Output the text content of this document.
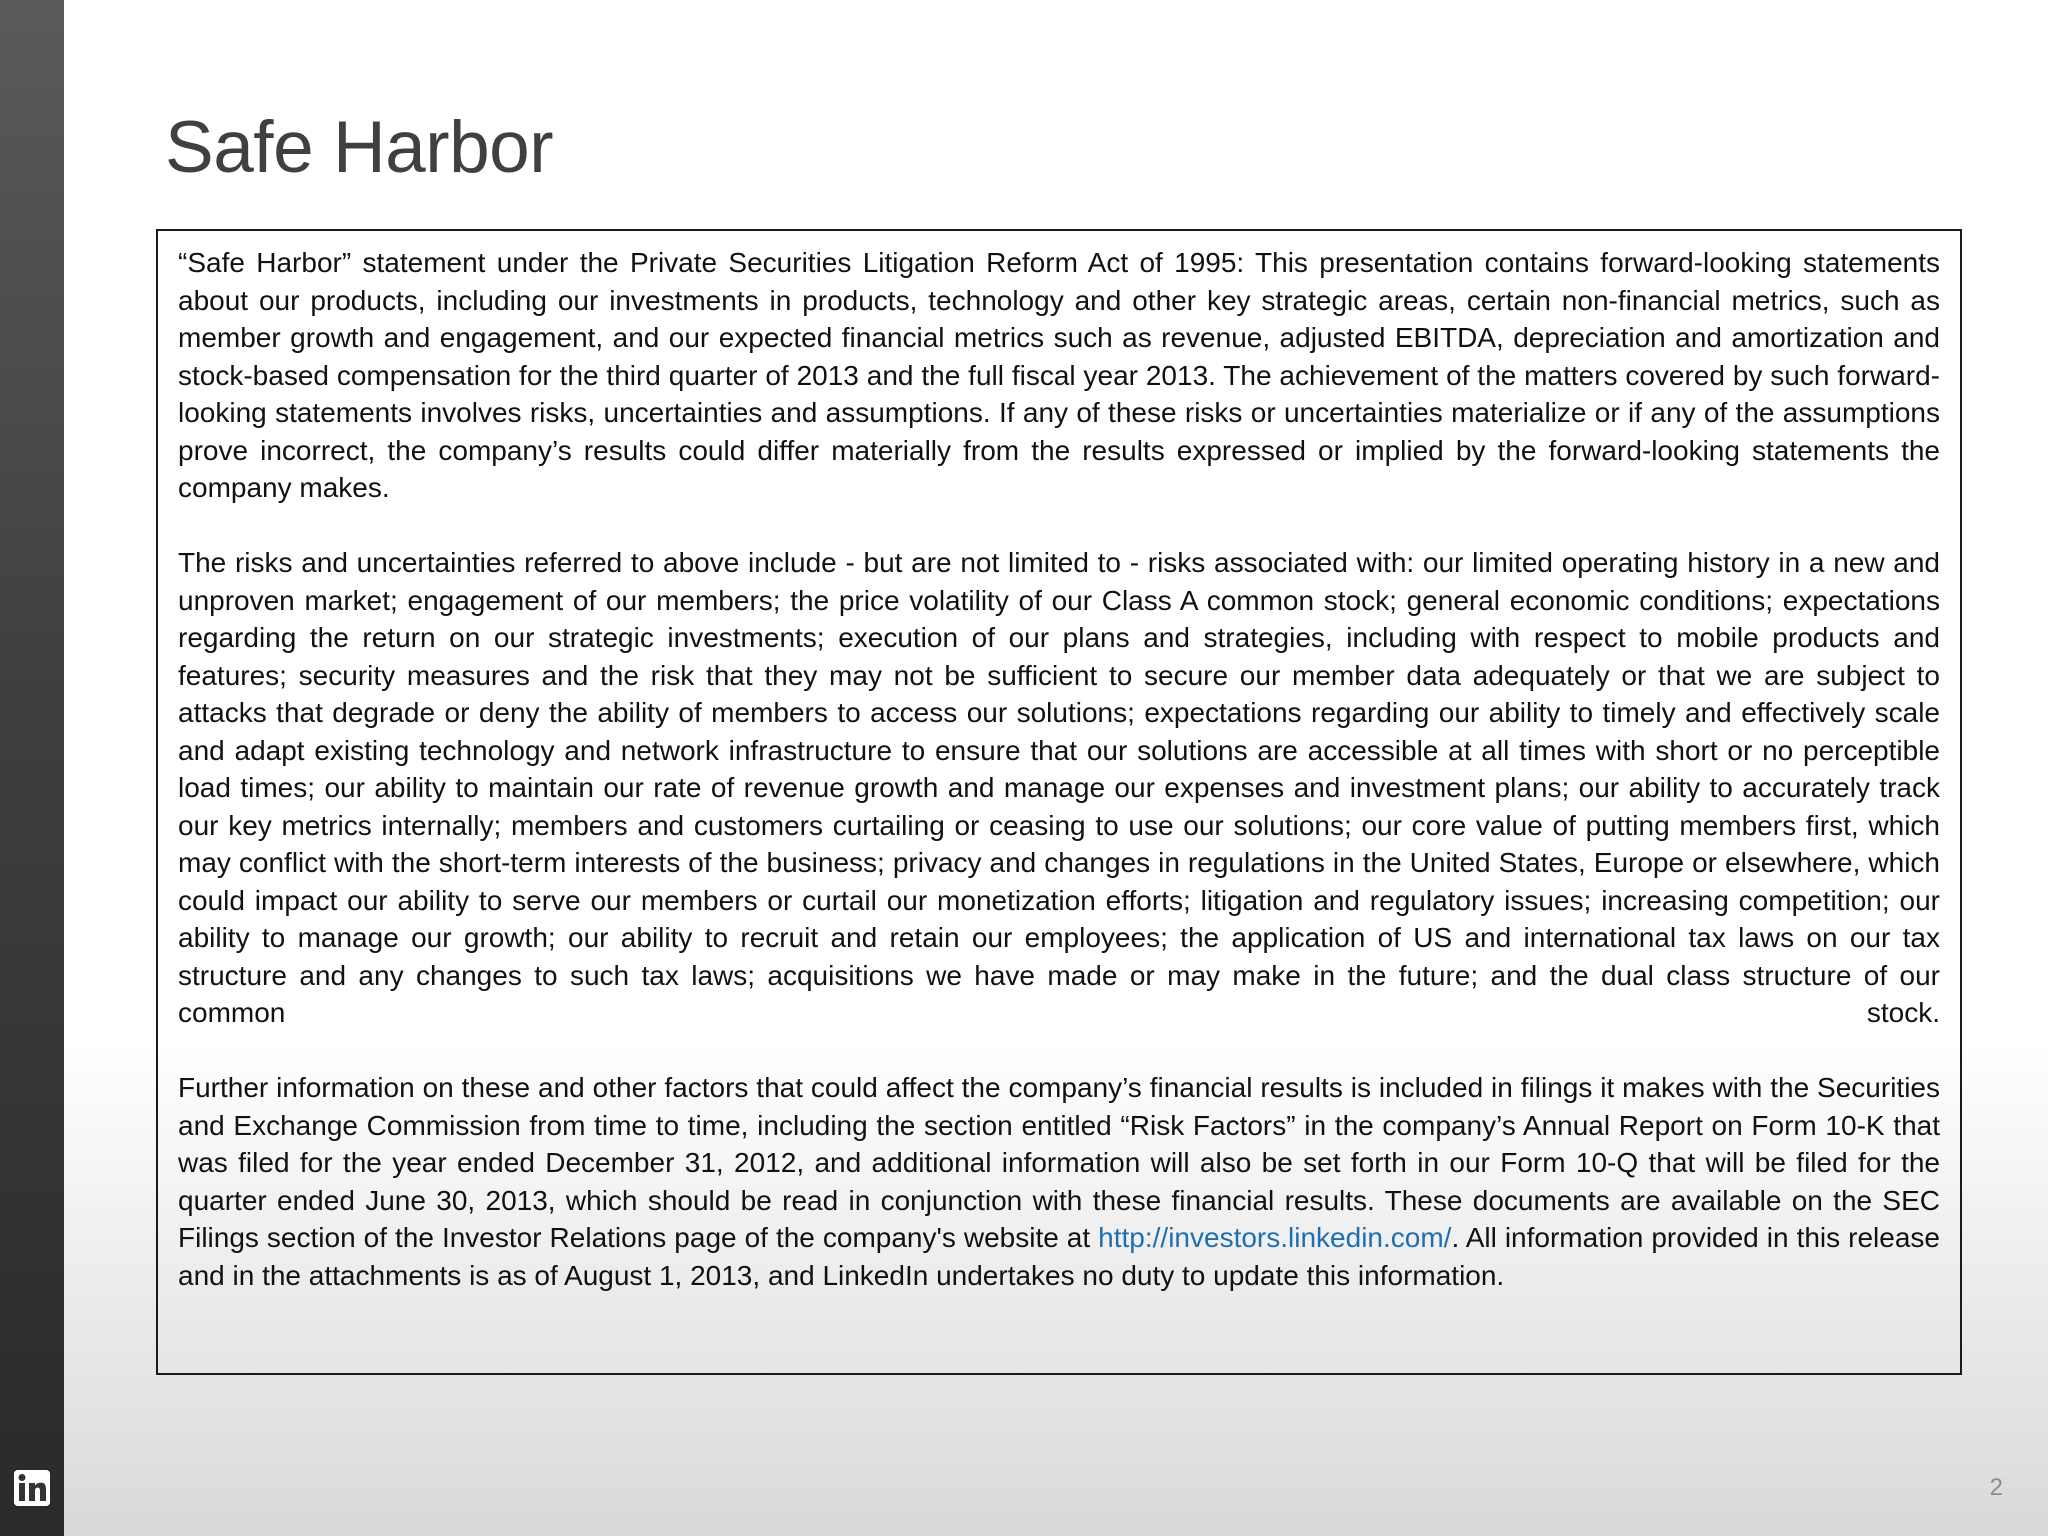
Safe Harbor

“Safe Harbor” statement under the Private Securities Litigation Reform Act of 1995: This presentation contains forward-looking statements about our products, including our investments in products, technology and other key strategic areas, certain non-financial metrics, such as member growth and engagement, and our expected financial metrics such as revenue, adjusted EBITDA, depreciation and amortization and stock-based compensation for the third quarter of 2013 and the full fiscal year 2013. The achievement of the matters covered by such forward-looking statements involves risks, uncertainties and assumptions. If any of these risks or uncertainties materialize or if any of the assumptions prove incorrect, the company’s results could differ materially from the results expressed or implied by the forward-looking statements the company makes.

The risks and uncertainties referred to above include - but are not limited to - risks associated with: our limited operating history in a new and unproven market; engagement of our members; the price volatility of our Class A common stock; general economic conditions; expectations regarding the return on our strategic investments; execution of our plans and strategies, including with respect to mobile products and features; security measures and the risk that they may not be sufficient to secure our member data adequately or that we are subject to attacks that degrade or deny the ability of members to access our solutions; expectations regarding our ability to timely and effectively scale and adapt existing technology and network infrastructure to ensure that our solutions are accessible at all times with short or no perceptible load times; our ability to maintain our rate of revenue growth and manage our expenses and investment plans; our ability to accurately track our key metrics internally; members and customers curtailing or ceasing to use our solutions; our core value of putting members first, which may conflict with the short-term interests of the business; privacy and changes in regulations in the United States, Europe or elsewhere, which could impact our ability to serve our members or curtail our monetization efforts; litigation and regulatory issues; increasing competition; our ability to manage our growth; our ability to recruit and retain our employees; the application of US and international tax laws on our tax structure and any changes to such tax laws; acquisitions we have made or may make in the future; and the dual class structure of our common stock.

Further information on these and other factors that could affect the company’s financial results is included in filings it makes with the Securities and Exchange Commission from time to time, including the section entitled “Risk Factors” in the company’s Annual Report on Form 10-K that was filed for the year ended December 31, 2012, and additional information will also be set forth in our Form 10-Q that will be filed for the quarter ended June 30, 2013, which should be read in conjunction with these financial results. These documents are available on the SEC Filings section of the Investor Relations page of the company's website at http://investors.linkedin.com/. All information provided in this release and in the attachments is as of August 1, 2013, and LinkedIn undertakes no duty to update this information.

2
